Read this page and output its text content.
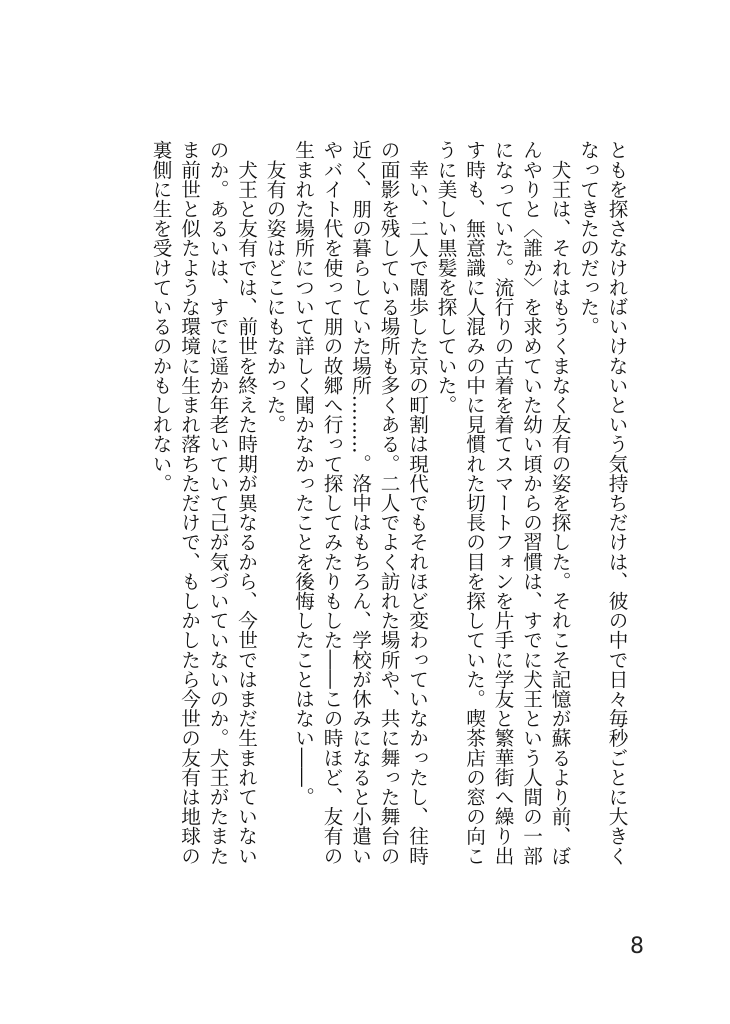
ともを探さなければいけないという気持ちだけは、彼の中で日々毎秒ごとに大きくなってきたのだった。

　犬王は、それはもうくまなく友有の姿を探した。それこそ記憶が蘇るより前、ぼんやりと〈誰か〉を求めていた幼い頃からの習慣は、すでに犬王という人間の一部になっていた。流行りの古着を着てスマートフォンを片手に学友と繁華街へ繰り出す時も、無意識に人混みの中に見慣れた切長の目を探していた。喫茶店の窓の向こうに美しい黒髪を探していた。

　幸い、二人で闊歩した京の町割は現代でもそれほど変わっていなかったし、往時の面影を残している場所も多くある。二人でよく訪れた場所や、共に舞った舞台の近く、朋の暮らしていた場所………。洛中はもちろん、学校が休みになると小遣いやバイト代を使って朋の故郷へ行って探してみたりもした――この時ほど、友有の生まれた場所について詳しく聞かなかったことを後悔したことはない――。

　友有の姿はどこにもなかった。

　犬王と友有では、前世を終えた時期が異なるから、今世ではまだ生まれていないのか。あるいは、すでに遥か年老いていて己が気づいていないのか。犬王がたまたま前世と似たような環境に生まれ落ちただけで、もしかしたら今世の友有は地球の裏側に生を受けているのかもしれない。

8
